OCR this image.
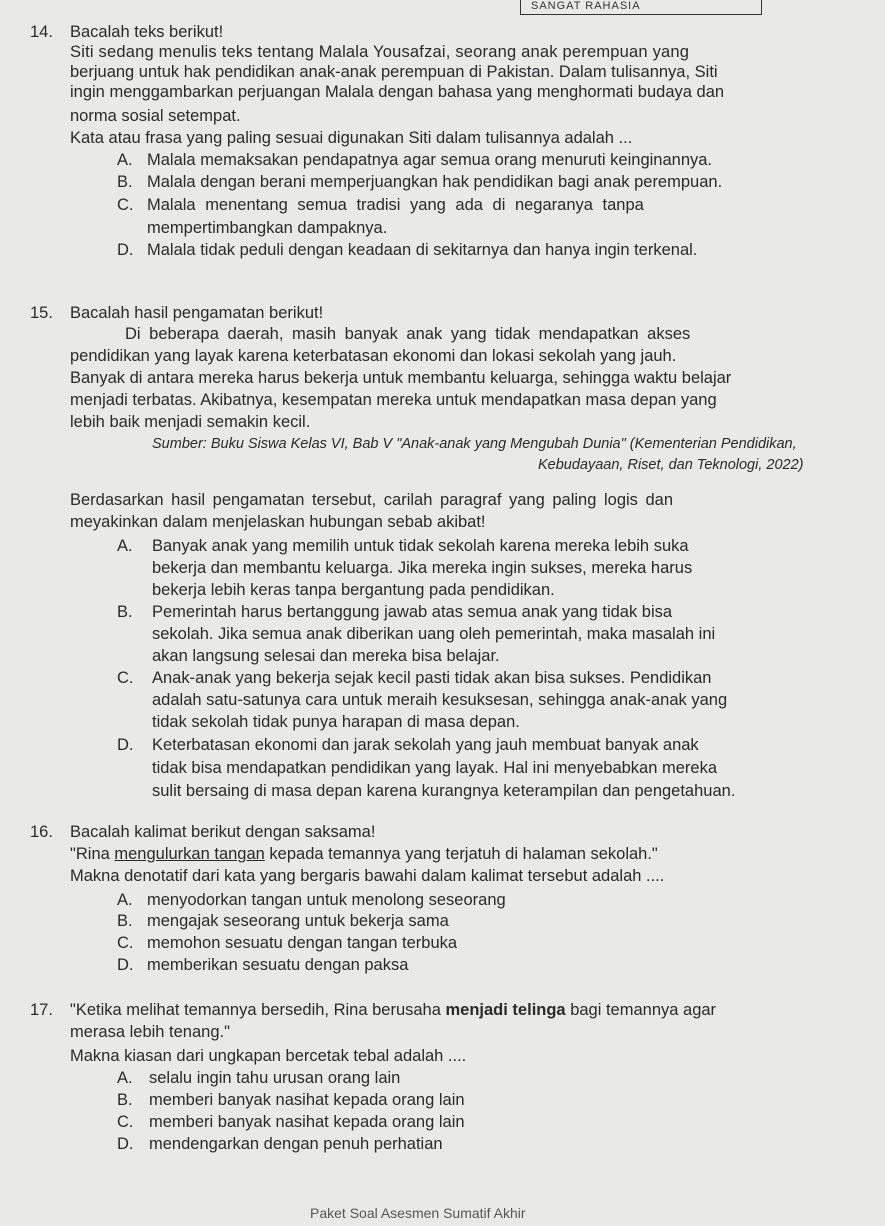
SANGAT RAHASIA
14. Bacalah teks berikut!
Siti sedang menulis teks tentang Malala Yousafzai, seorang anak perempuan yang
berjuang untuk hak pendidikan anak-anak perempuan di Pakistan. Dalam tulisannya, Siti
ingin menggambarkan perjuangan Malala dengan bahasa yang menghormati budaya dan
norma sosial setempat.
Kata atau frasa yang paling sesuai digunakan Siti dalam tulisannya adalah ...
A. Malala memaksakan pendapatnya agar semua orang menuruti keinginannya.
B. Malala dengan berani memperjuangkan hak pendidikan bagi anak perempuan.
C. Malala menentang semua tradisi yang ada di negaranya tanpa
mempertimbangkan dampaknya.
D. Malala tidak peduli dengan keadaan di sekitarnya dan hanya ingin terkenal.
15. Bacalah hasil pengamatan berikut!
Di beberapa daerah, masih banyak anak yang tidak mendapatkan akses
pendidikan yang layak karena keterbatasan ekonomi dan lokasi sekolah yang jauh.
Banyak di antara mereka harus bekerja untuk membantu keluarga, sehingga waktu belajar
menjadi terbatas. Akibatnya, kesempatan mereka untuk mendapatkan masa depan yang
lebih baik menjadi semakin kecil.
Sumber: Buku Siswa Kelas VI, Bab V "Anak-anak yang Mengubah Dunia" (Kementerian Pendidikan,
Kebudayaan, Riset, dan Teknologi, 2022)
Berdasarkan hasil pengamatan tersebut, carilah paragraf yang paling logis dan
meyakinkan dalam menjelaskan hubungan sebab akibat!
A. Banyak anak yang memilih untuk tidak sekolah karena mereka lebih suka
bekerja dan membantu keluarga. Jika mereka ingin sukses, mereka harus
bekerja lebih keras tanpa bergantung pada pendidikan.
B. Pemerintah harus bertanggung jawab atas semua anak yang tidak bisa
sekolah. Jika semua anak diberikan uang oleh pemerintah, maka masalah ini
akan langsung selesai dan mereka bisa belajar.
C. Anak-anak yang bekerja sejak kecil pasti tidak akan bisa sukses. Pendidikan
adalah satu-satunya cara untuk meraih kesuksesan, sehingga anak-anak yang
tidak sekolah tidak punya harapan di masa depan.
D. Keterbatasan ekonomi dan jarak sekolah yang jauh membuat banyak anak
tidak bisa mendapatkan pendidikan yang layak. Hal ini menyebabkan mereka
sulit bersaing di masa depan karena kurangnya keterampilan dan pengetahuan.
16. Bacalah kalimat berikut dengan saksama!
"Rina mengulurkan tangan kepada temannya yang terjatuh di halaman sekolah."
Makna denotatif dari kata yang bergaris bawahi dalam kalimat tersebut adalah ....
A. menyodorkan tangan untuk menolong seseorang
B. mengajak seseorang untuk bekerja sama
C. memohon sesuatu dengan tangan terbuka
D. memberikan sesuatu dengan paksa
17. "Ketika melihat temannya bersedih, Rina berusaha menjadi telinga bagi temannya agar
merasa lebih tenang."
Makna kiasan dari ungkapan bercetak tebal adalah ....
A. selalu ingin tahu urusan orang lain
B. memberi banyak nasihat kepada orang lain
C. memberi banyak nasihat kepada orang lain
D. mendengarkan dengan penuh perhatian
Paket Soal Asesmen Sumatif Akhir
